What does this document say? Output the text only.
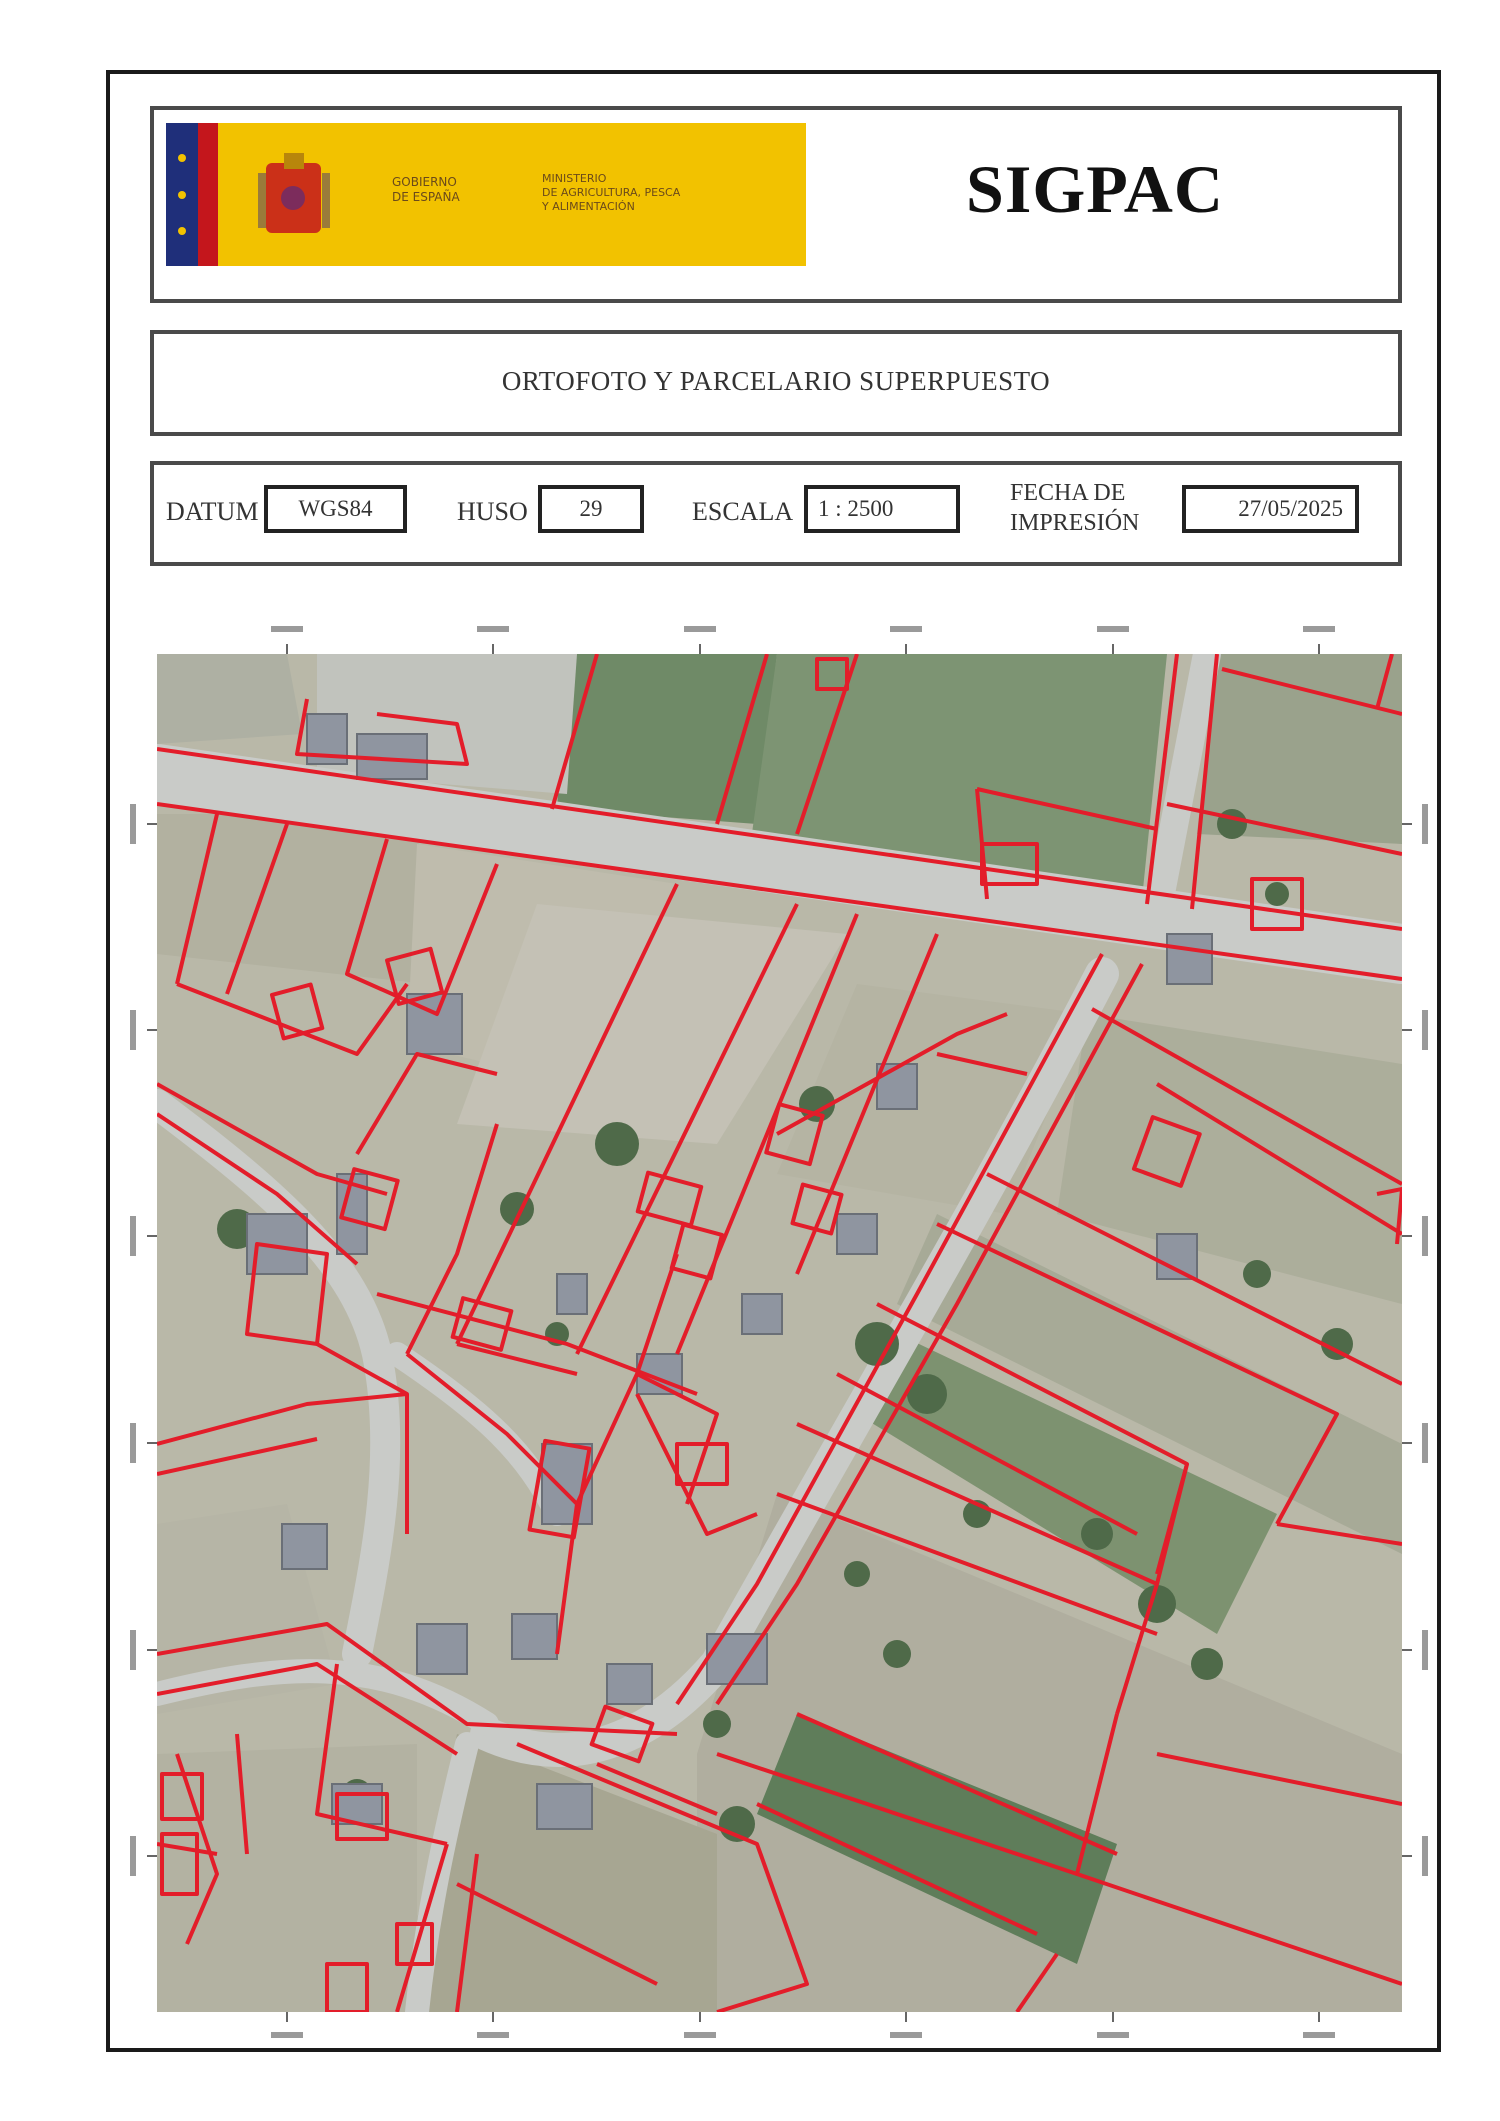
GOBIERNO
DE ESPAÑA
MINISTERIO
DE AGRICULTURA, PESCA
Y ALIMENTACIÓN	SIGPAC
ORTOFOTO Y PARCELARIO SUPERPUESTO
DATUM	WGS84	HUSO	29	ESCALA	1 : 2500
FECHA DE
IMPRESIÓN
27/05/2025
